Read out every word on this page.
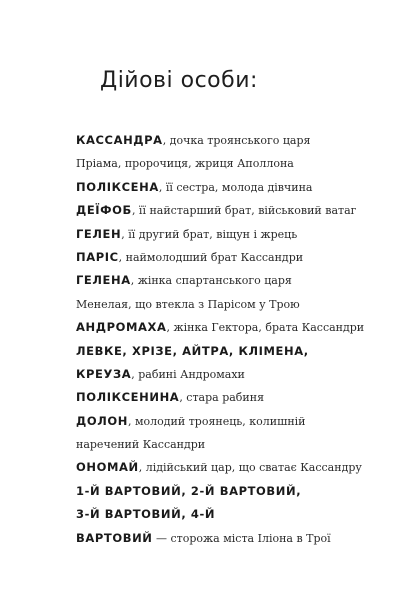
Дійові особи:
КАССАНДРА, дочка троянського царя
Пріама, пророчиця, жриця Аполлона
ПОЛІКСЕНА, її сестра, молода дівчина
ДЕЇФОБ, її найстарший брат, військовий ватаг
ГЕЛЕН, її другий брат, віщун і жрець
ПАРІС, наймолодший брат Кассандри
ГЕЛЕНА, жінка спартанського царя
Менелая, що втекла з Парісом у Трою
АНДРОМАХА, жінка Гектора, брата Кассандри
ЛЕВКЕ, ХРІЗЕ, АЙТРА, КЛІМЕНА,
КРЕУЗА, рабині Андромахи
ПОЛІКСЕНИНА, стара рабиня
ДОЛОН, молодий троянець, колишній
наречений Кассандри
ОНОМАЙ, лідійський цар, що сватає Кассандру
1-Й ВАРТОВИЙ, 2-Й ВАРТОВИЙ,
3-Й ВАРТОВИЙ, 4-Й
ВАРТОВИЙ — сторожа міста Іліона в Трої
